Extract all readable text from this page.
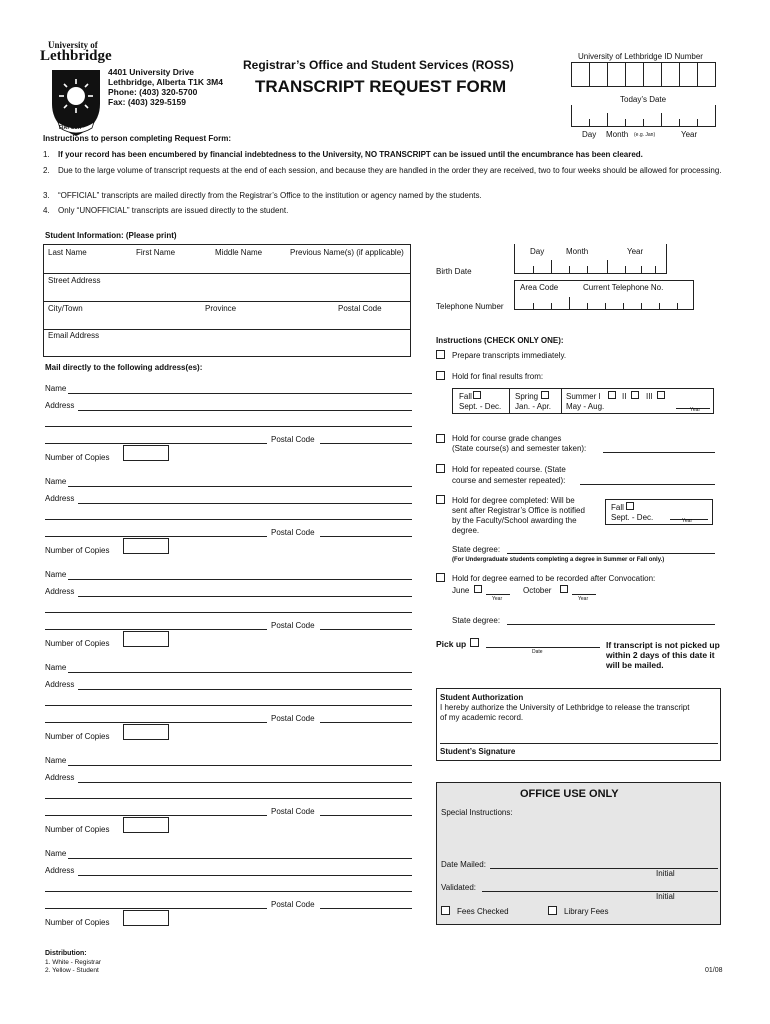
University of
Lethbridge
FIAT LUX
4401 University Drive
Lethbridge, Alberta T1K 3M4
Phone: (403) 320-5700
Fax: (403) 329-5159
Registrar’s Office and Student Services (ROSS)
TRANSCRIPT REQUEST FORM
University of Lethbridge ID Number
Today’s Date
Day Month (e.g. Jan)	Year
Instructions to person completing Request Form:
1. If your record has been encumbered by financial indebtedness to the University, NO TRANSCRIPT can be issued until the encumbrance has been cleared.
2. Due to the large volume of transcript requests at the end of each session, and because they are handled in the order they are received, two to four weeks should be allowed for processing.
3. “OFFICIAL” transcripts are mailed directly from the Registrar’s Office to the institution or agency named by the students.
4. Only “UNOFFICIAL” transcripts are issued directly to the student.
Student Information: (Please print)
Last Name	First Name	Middle Name	Previous Name(s) (if applicable)
Street Address
City/Town	Province	Postal Code
Email Address
Day	Month	Year
Birth Date
Area Code	Current Telephone No.
Telephone Number
Mail directly to the following address(es):
Name
Address
Postal Code
Number of Copies
Name
Address
Postal Code
Number of Copies
Name
Address
Postal Code
Number of Copies
Name
Address
Postal Code
Number of Copies
Name
Address
Postal Code
Number of Copies
Name
Address
Postal Code
Number of Copies
Instructions (CHECK ONLY ONE):
Prepare transcripts immediately.
Hold for final results from:
Fall
Sept. - Dec.
Spring
Jan. - Apr.
Summer I	II III
May - Aug.	Year
Hold for course grade changes
(State course(s) and semester taken):
Hold for repeated course. (State
course and semester repeated):
Hold for degree completed: Will be
sent after Registrar’s Office is notified
by the Faculty/School awarding the
degree.
Fall
Sept. - Dec.	Year
State degree:
(For Undergraduate students completing a degree in Summer or Fall only.)
Hold for degree earned to be recorded after Convocation:
June
Year
October
Year
State degree:
Pick up
Date
If transcript is not picked up
within 2 days of this date it
will be mailed.
Student Authorization
I hereby authorize the University of Lethbridge to release the transcript
of my academic record.
Student’s Signature
OFFICE USE ONLY
Special Instructions:
Date Mailed:
Initial
Validated:
Initial
Fees Checked	Library Fees
Distribution:
1. White - Registrar
2. Yellow - Student	01/08
